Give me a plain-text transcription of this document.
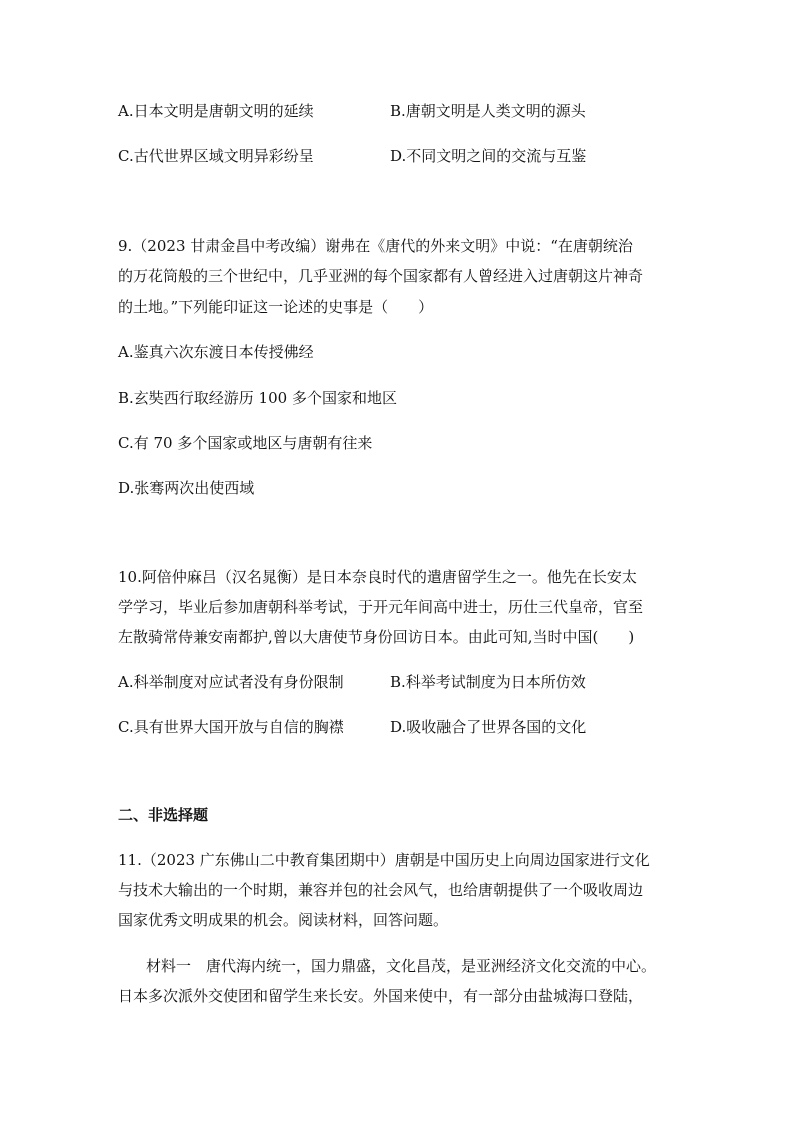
A.日本文明是唐朝文明的延续	B.唐朝文明是人类文明的源头
C.古代世界区域文明异彩纷呈	D.不同文明之间的交流与互鉴
9.（2023 甘肃金昌中考改编）谢弗在《唐代的外来文明》中说：“在唐朝统治
的万花筒般的三个世纪中，几乎亚洲的每个国家都有人曾经进入过唐朝这片神奇
的土地。”下列能印证这一论述的史事是（　　）
A.鉴真六次东渡日本传授佛经
B.玄奘西行取经游历 100 多个国家和地区
C.有 70 多个国家或地区与唐朝有往来
D.张骞两次出使西域
10.阿倍仲麻吕（汉名晁衡）是日本奈良时代的遣唐留学生之一。他先在长安太
学学习，毕业后参加唐朝科举考试，于开元年间高中进士，历仕三代皇帝，官至
左散骑常侍兼安南都护,曾以大唐使节身份回访日本。由此可知,当时中国(　　)
A.科举制度对应试者没有身份限制	B.科举考试制度为日本所仿效
C.具有世界大国开放与自信的胸襟	D.吸收融合了世界各国的文化
二、非选择题
11.（2023 广东佛山二中教育集团期中）唐朝是中国历史上向周边国家进行文化
与技术大输出的一个时期，兼容并包的社会风气，也给唐朝提供了一个吸收周边
国家优秀文明成果的机会。阅读材料，回答问题。
材料一　唐代海内统一，国力鼎盛，文化昌茂，是亚洲经济文化交流的中心。
日本多次派外交使团和留学生来长安。外国来使中，有一部分由盐城海口登陆，
